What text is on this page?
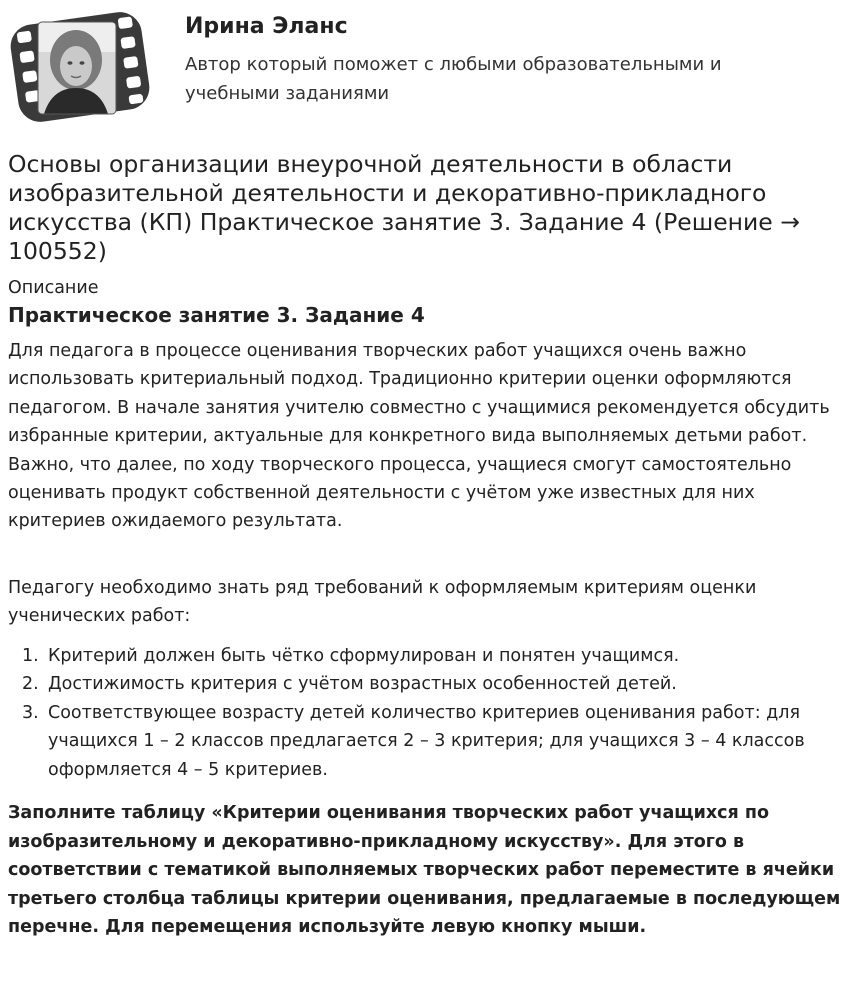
Ирина Эланс
Автор который поможет с любыми образовательными и учебными заданиями
Основы организации внеурочной деятельности в области изобразительной деятельности и декоративно-прикладного искусства (КП) Практическое занятие 3. Задание 4 (Решение → 100552)
Описание
Практическое занятие 3. Задание 4

Для педагога в процессе оценивания творческих работ учащихся очень важно использовать критериальный подход. Традиционно критерии оценки оформляются педагогом. В начале занятия учителю совместно с учащимися рекомендуется обсудить избранные критерии, актуальные для конкретного вида выполняемых детьми работ. Важно, что далее, по ходу творческого процесса, учащиеся смогут самостоятельно оценивать продукт собственной деятельности с учётом уже известных для них критериев ожидаемого результата.

Педагогу необходимо знать ряд требований к оформляемым критериям оценки ученических работ:

1. Критерий должен быть чётко сформулирован и понятен учащимся.
2. Достижимость критерия с учётом возрастных особенностей детей.
3. Соответствующее возрасту детей количество критериев оценивания работ: для учащихся 1 – 2 классов предлагается 2 – 3 критерия; для учащихся 3 – 4 классов оформляется 4 – 5 критериев.

Заполните таблицу «Критерии оценивания творческих работ учащихся по изобразительному и декоративно-прикладному искусству». Для этого в соответствии с тематикой выполняемых творческих работ переместите в ячейки третьего столбца таблицы критерии оценивания, предлагаемые в последующем перечне. Для перемещения используйте левую кнопку мыши.
